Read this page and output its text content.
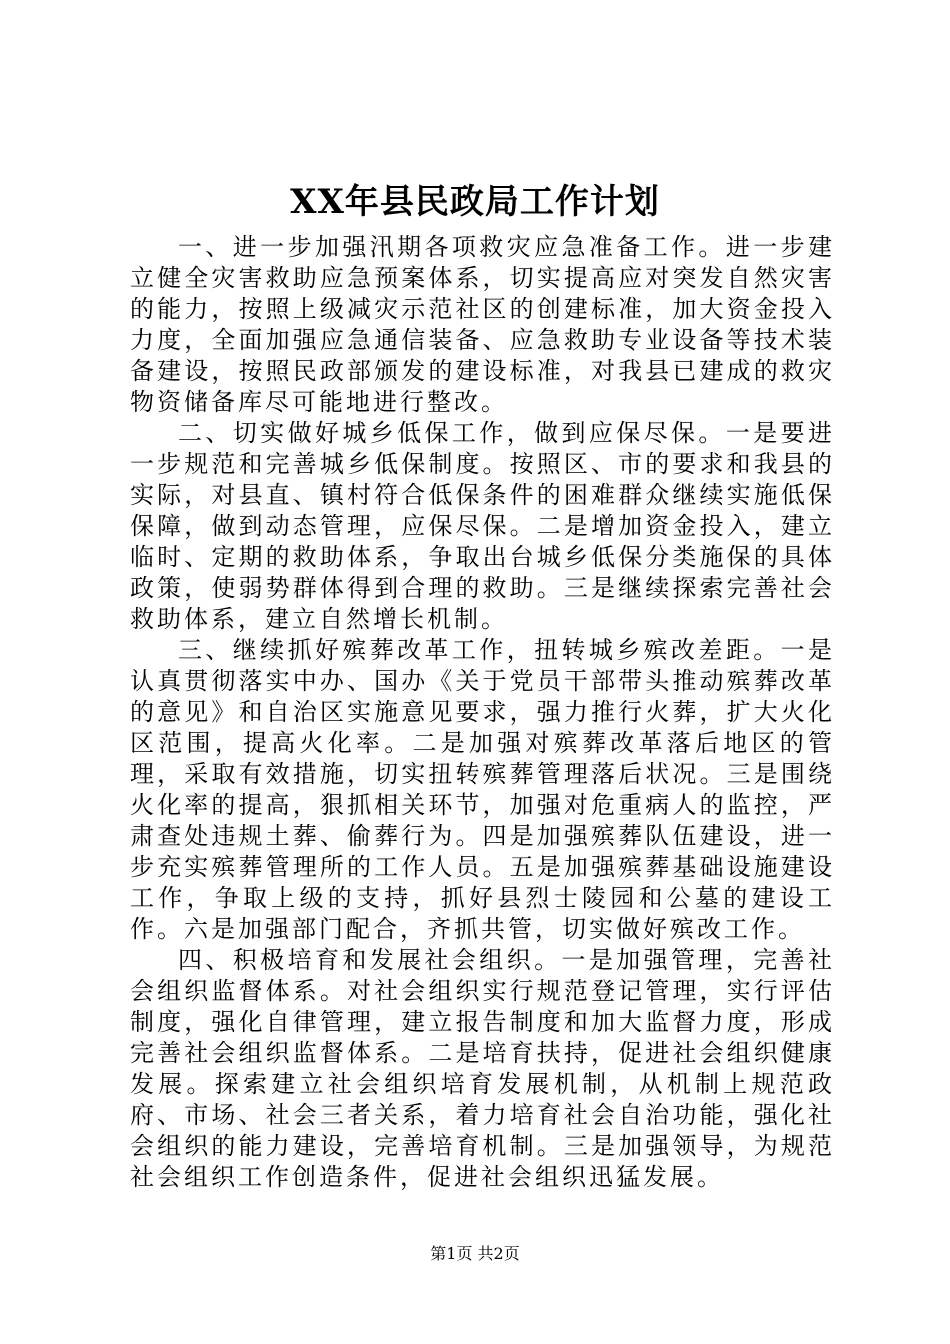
XX年县民政局工作计划

一、进一步加强汛期各项救灾应急准备工作。进一步建立健全灾害救助应急预案体系，切实提高应对突发自然灾害的能力，按照上级减灾示范社区的创建标准，加大资金投入力度，全面加强应急通信装备、应急救助专业设备等技术装备建设，按照民政部颁发的建设标准，对我县已建成的救灾物资储备库尽可能地进行整改。

二、切实做好城乡低保工作，做到应保尽保。一是要进一步规范和完善城乡低保制度。按照区、市的要求和我县的实际，对县直、镇村符合低保条件的困难群众继续实施低保保障，做到动态管理，应保尽保。二是增加资金投入，建立临时、定期的救助体系，争取出台城乡低保分类施保的具体政策，使弱势群体得到合理的救助。三是继续探索完善社会救助体系，建立自然增长机制。

三、继续抓好殡葬改革工作，扭转城乡殡改差距。一是认真贯彻落实中办、国办《关于党员干部带头推动殡葬改革的意见》和自治区实施意见要求，强力推行火葬，扩大火化区范围，提高火化率。二是加强对殡葬改革落后地区的管理，采取有效措施，切实扭转殡葬管理落后状况。三是围绕火化率的提高，狠抓相关环节，加强对危重病人的监控，严肃查处违规土葬、偷葬行为。四是加强殡葬队伍建设，进一步充实殡葬管理所的工作人员。五是加强殡葬基础设施建设工作，争取上级的支持，抓好县烈士陵园和公墓的建设工作。六是加强部门配合，齐抓共管，切实做好殡改工作。

四、积极培育和发展社会组织。一是加强管理，完善社会组织监督体系。对社会组织实行规范登记管理，实行评估制度，强化自律管理，建立报告制度和加大监督力度，形成完善社会组织监督体系。二是培育扶持，促进社会组织健康发展。探索建立社会组织培育发展机制，从机制上规范政府、市场、社会三者关系，着力培育社会自治功能，强化社会组织的能力建设，完善培育机制。三是加强领导，为规范社会组织工作创造条件，促进社会组织迅猛发展。

第1页 共2页
